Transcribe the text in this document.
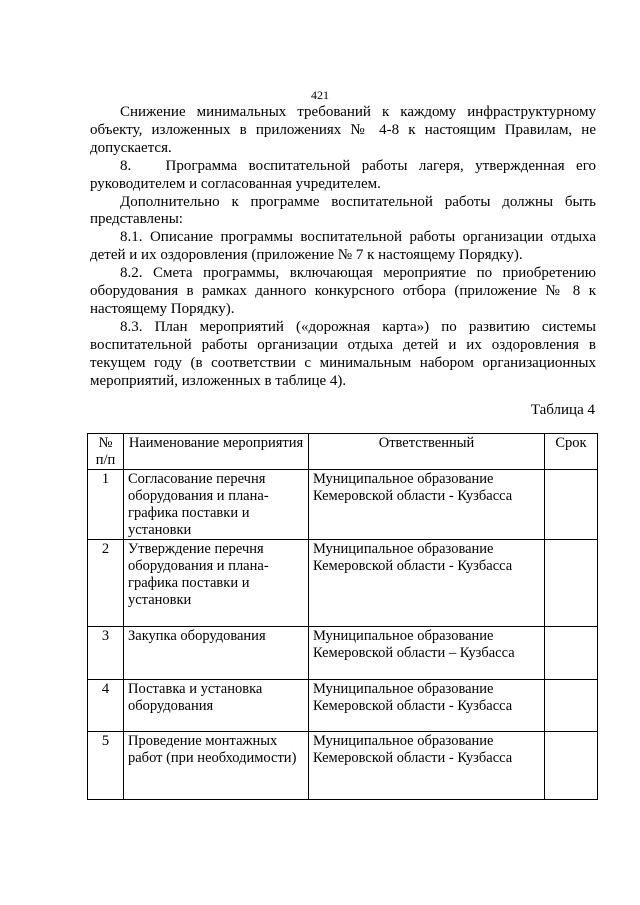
421

Снижение минимальных требований к каждому инфраструктурному объекту, изложенных в приложениях № 4-8 к настоящим Правилам, не допускается.

8.   Программа воспитательной работы лагеря, утвержденная его руководителем и согласованная учредителем.

Дополнительно к программе воспитательной работы должны быть представлены:

8.1. Описание программы воспитательной работы организации отдыха детей и их оздоровления (приложение № 7 к настоящему Порядку).

8.2. Смета программы, включающая мероприятие по приобретению оборудования в рамках данного конкурсного отбора (приложение № 8 к настоящему Порядку).

8.3. План мероприятий («дорожная карта») по развитию системы воспитательной работы организации отдыха детей и их оздоровления в текущем году (в соответствии с минимальным набором организационных мероприятий, изложенных в таблице 4).

Таблица 4
№ п/п	Наименование мероприятия	Ответственный	Срок
1	Согласование перечня оборудования и плана-графика поставки и установки	Муниципальное образование Кемеровской области - Кузбасса	
2	Утверждение перечня оборудования и плана-графика поставки и установки	Муниципальное образование Кемеровской области - Кузбасса	
3	Закупка оборудования	Муниципальное образование Кемеровской области – Кузбасса	
4	Поставка и установка оборудования	Муниципальное образование Кемеровской области - Кузбасса	
5	Проведение монтажных работ (при необходимости)	Муниципальное образование Кемеровской области - Кузбасса	
